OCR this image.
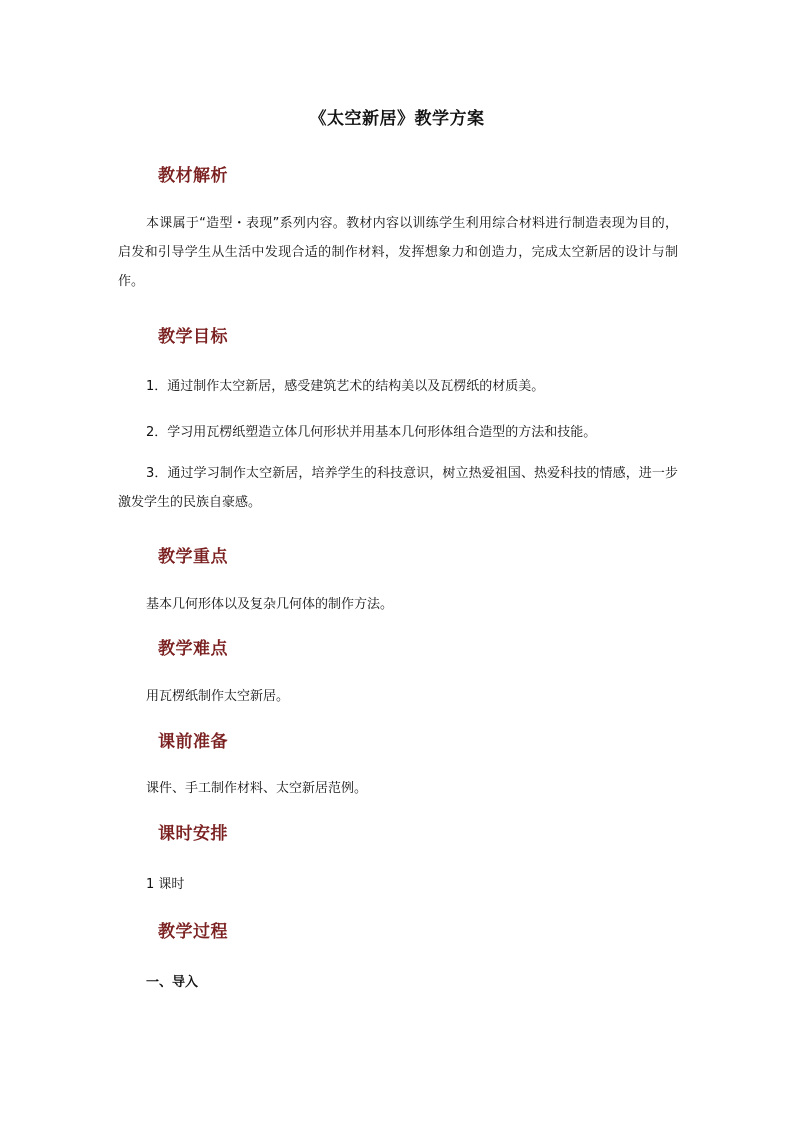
《太空新居》教学方案
教材解析
本课属于“造型・表现”系列内容。教材内容以训练学生利用综合材料进行制造表现为目的，启发和引导学生从生活中发现合适的制作材料，发挥想象力和创造力，完成太空新居的设计与制作。
教学目标
1．通过制作太空新居，感受建筑艺术的结构美以及瓦楞纸的材质美。
2．学习用瓦楞纸塑造立体几何形状并用基本几何形体组合造型的方法和技能。
3．通过学习制作太空新居，培养学生的科技意识，树立热爱祖国、热爱科技的情感，进一步激发学生的民族自豪感。
教学重点
基本几何形体以及复杂几何体的制作方法。
教学难点
用瓦楞纸制作太空新居。
课前准备
课件、手工制作材料、太空新居范例。
课时安排
1 课时
教学过程
一、导入
